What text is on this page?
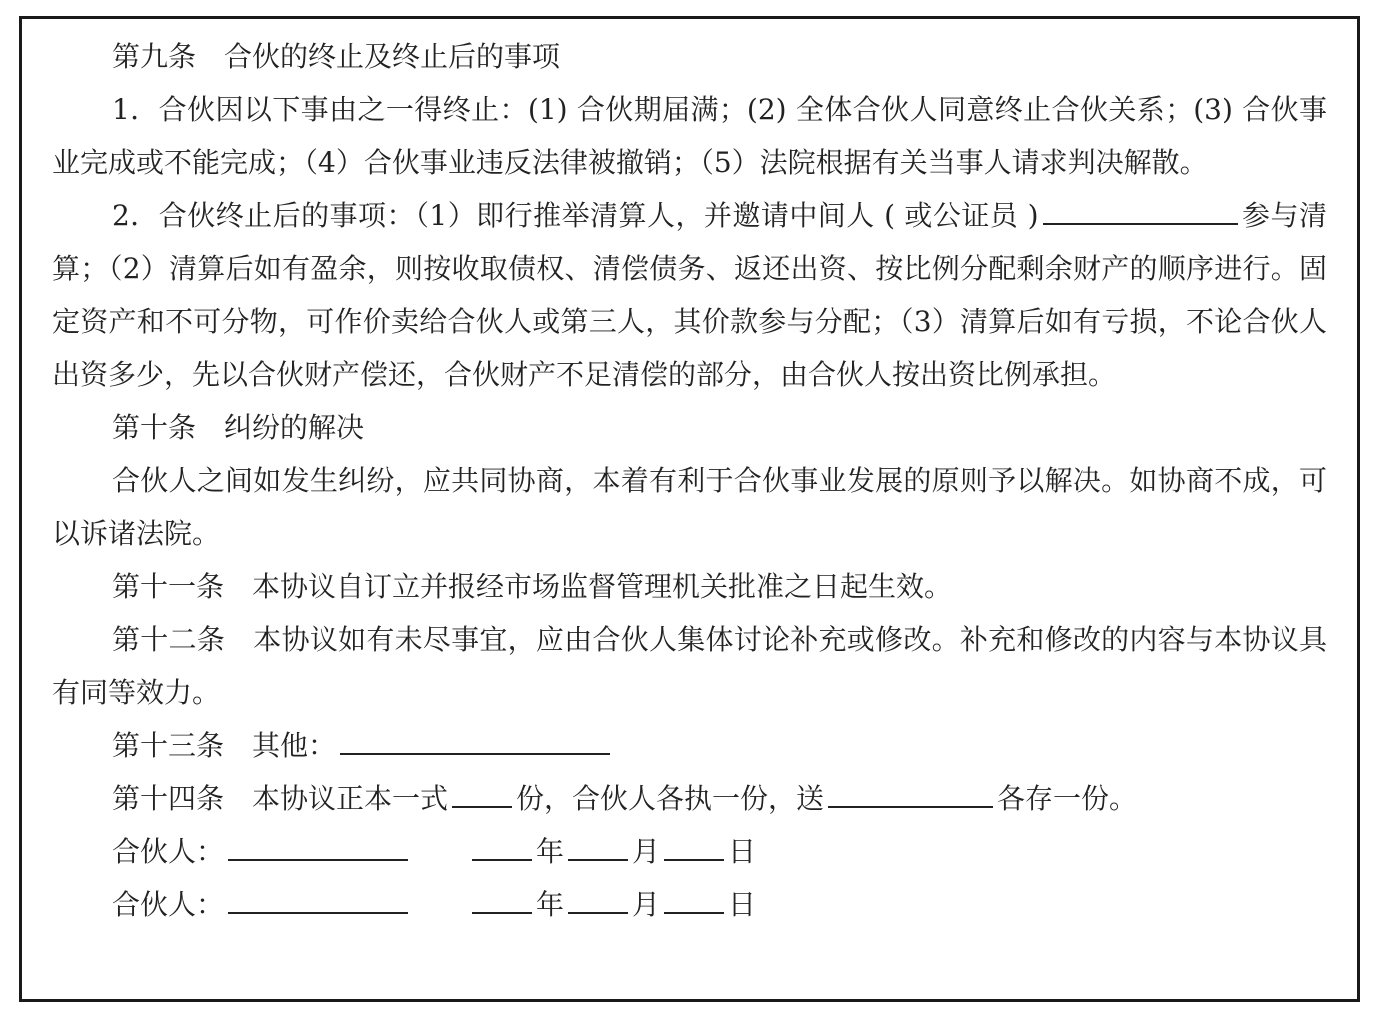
第九条 合伙的终止及终止后的事项

1．合伙因以下事由之一得终止：(1) 合伙期届满；(2) 全体合伙人同意终止合伙关系；(3) 合伙事业完成或不能完成；（4）合伙事业违反法律被撤销；（5）法院根据有关当事人请求判决解散。

2．合伙终止后的事项：（1）即行推举清算人，并邀请中间人 ( 或公证员 )	参与清算；（2）清算后如有盈余，则按收取债权、清偿债务、返还出资、按比例分配剩余财产的顺序进行。固定资产和不可分物，可作价卖给合伙人或第三人，其价款参与分配；（3）清算后如有亏损，不论合伙人出资多少，先以合伙财产偿还，合伙财产不足清偿的部分，由合伙人按出资比例承担。

第十条 纠纷的解决

合伙人之间如发生纠纷，应共同协商，本着有利于合伙事业发展的原则予以解决。如协商不成，可以诉诸法院。

第十一条 本协议自订立并报经市场监督管理机关批准之日起生效。

第十二条 本协议如有未尽事宜，应由合伙人集体讨论补充或修改。补充和修改的内容与本协议具有同等效力。

第十三条 其他：

第十四条 本协议正本一式 份，合伙人各执一份，送	各存一份。

合伙人：	年 月 日

合伙人：	年 月 日
